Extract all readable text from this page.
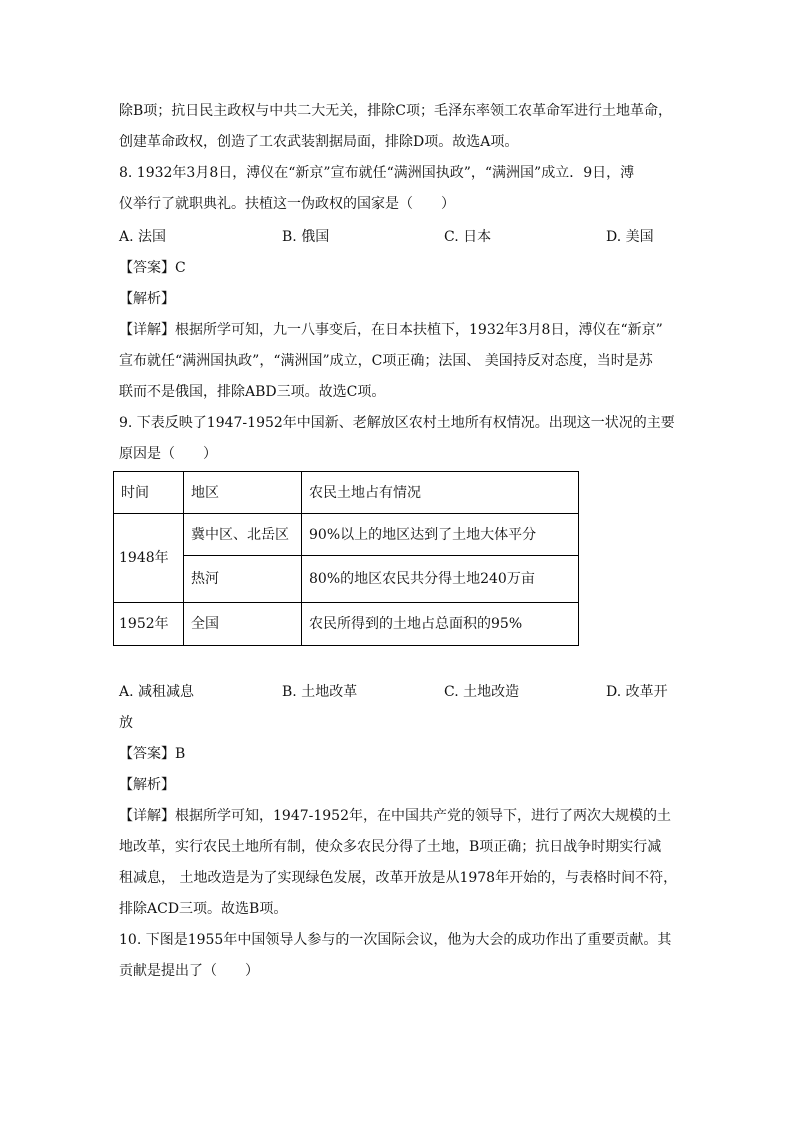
除B项；抗日民主政权与中共二大无关，排除C项；毛泽东率领工农革命军进行土地革命，
创建革命政权，创造了工农武装割据局面，排除D项。故选A项。
8. 1932年3月8日，溥仪在“新京”宣布就任“满洲国执政”，“满洲国”成立．9日，溥
仪举行了就职典礼。扶植这一伪政权的国家是（　　）
A. 法国	B. 俄国	C. 日本	D. 美国
【答案】C
【解析】
【详解】根据所学可知，九一八事变后，在日本扶植下，1932年3月8日，溥仪在“新京”
宣布就任“满洲国执政”，“满洲国”成立，C项正确；法国、 美国持反对态度，当时是苏
联而不是俄国，排除ABD三项。故选C项。
9. 下表反映了1947-1952年中国新、老解放区农村土地所有权情况。出现这一状况的主要
原因是（　　）
时间	地区	农民土地占有情况
1948年	冀中区、北岳区	90%以上的地区达到了土地大体平分
	热河	80%的地区农民共分得土地240万亩
1952年	全国	农民所得到的土地占总面积的95%
A. 减租减息	B. 土地改革	C. 土地改造	D. 改革开
放
【答案】B
【解析】
【详解】根据所学可知，1947-1952年，在中国共产党的领导下，进行了两次大规模的土
地改革，实行农民土地所有制，使众多农民分得了土地，B项正确；抗日战争时期实行减
租减息， 土地改造是为了实现绿色发展，改革开放是从1978年开始的，与表格时间不符，
排除ACD三项。故选B项。
10. 下图是1955年中国领导人参与的一次国际会议，他为大会的成功作出了重要贡献。其
贡献是提出了（　　）
